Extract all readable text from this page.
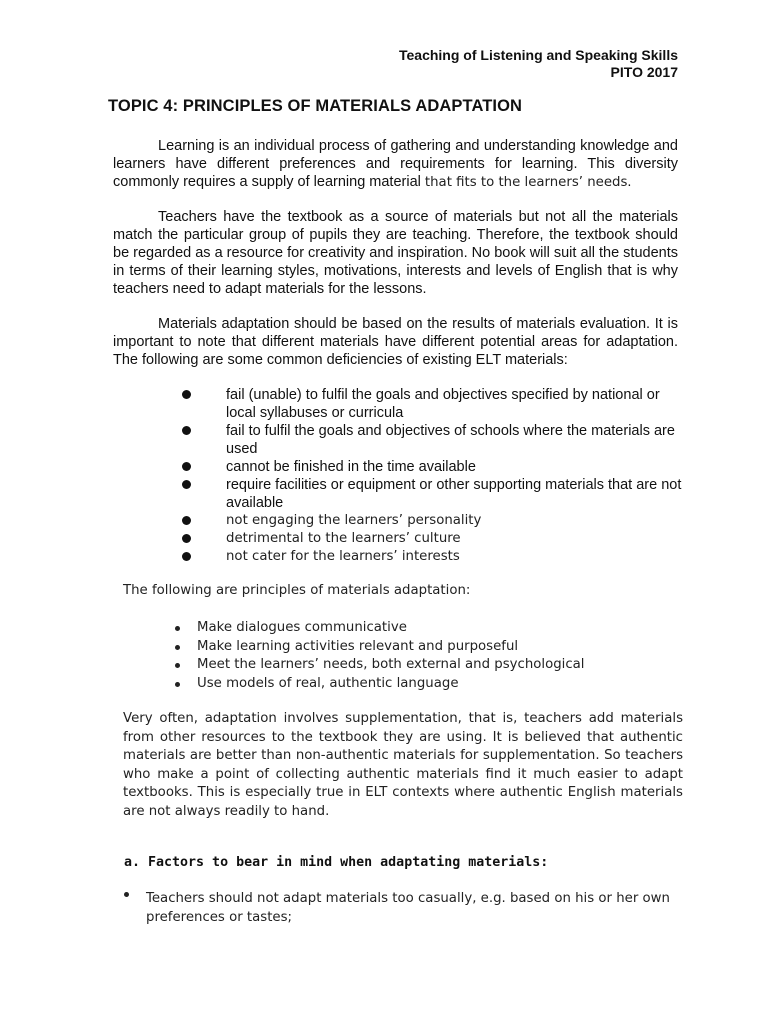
Teaching of Listening and Speaking Skills
PITO 2017
TOPIC 4: PRINCIPLES OF MATERIALS ADAPTATION
Learning is an individual process of gathering and understanding knowledge and learners have different preferences and requirements for learning. This diversity commonly requires a supply of learning material that fits to the learners’ needs.
Teachers have the textbook as a source of materials but not all the materials match the particular group of pupils they are teaching. Therefore, the textbook should be regarded as a resource for creativity and inspiration. No book will suit all the students in terms of their learning styles, motivations, interests and levels of English that is why teachers need to adapt materials for the lessons.
Materials adaptation should be based on the results of materials evaluation. It is important to note that different materials have different potential areas for adaptation. The following are some common deficiencies of existing ELT materials:
fail (unable) to fulfil the goals and objectives specified by national or local syllabuses or curricula
fail to fulfil the goals and objectives of schools where the materials are used
cannot be finished in the time available
require facilities or equipment or other supporting materials that are not available
not engaging the learners’ personality
detrimental to the learners’ culture
not cater for the learners’ interests
The following are principles of materials adaptation:
Make dialogues communicative
Make learning activities relevant and purposeful
Meet the learners’ needs, both external and psychological
Use models of real, authentic language
Very often, adaptation involves supplementation, that is, teachers add materials from other resources to the textbook they are using. It is believed that authentic materials are better than non-authentic materials for supplementation. So teachers who make a point of collecting authentic materials find it much easier to adapt textbooks. This is especially true in ELT contexts where authentic English materials are not always readily to hand.
a. Factors to bear in mind when adaptating materials:
Teachers should not adapt materials too casually, e.g. based on his or her own preferences or tastes;
